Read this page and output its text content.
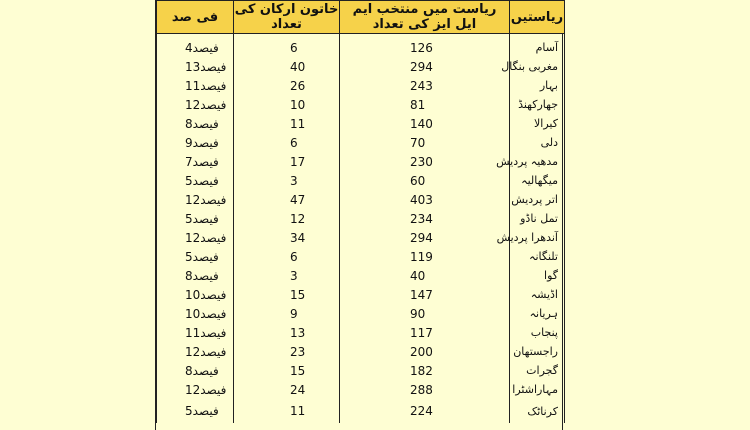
فی صد	خاتون ارکان کی تعداد	ریاست میں منتخب ایم ایل ایز کی تعداد	ریاستیں

4فیصد	6	126	آسام
13فیصد	40	294	مغربی بنگال
11فیصد	26	243	بہار
12فیصد	10	81	جھارکھنڈ
8فیصد	11	140	کیرالا
9فیصد	6	70	دلی
7فیصد	17	230	مدھیہ پردیش
5فیصد	3	60	میگھالیہ
12فیصد	47	403	اتر پردیش
5فیصد	12	234	تمل ناڈو
12فیصد	34	294	آندھرا پردیش
5فیصد	6	119	تلنگانہ
8فیصد	3	40	گوا
10فیصد	15	147	اڈیشہ
10فیصد	9	90	ہریانہ
11فیصد	13	117	پنجاب
12فیصد	23	200	راجستھان
8فیصد	15	182	گجرات
12فیصد	24	288	مہاراشٹرا
5فیصد	11	224	کرناٹک
